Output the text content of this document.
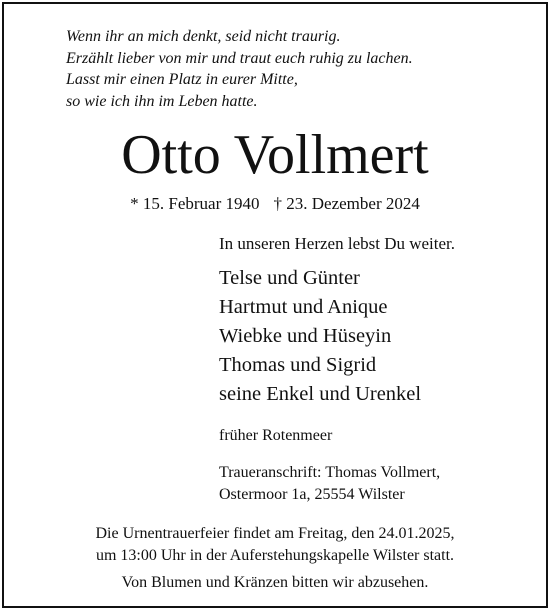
Wenn ihr an mich denkt, seid nicht traurig.
Erzählt lieber von mir und traut euch ruhig zu lachen.
Lasst mir einen Platz in eurer Mitte,
so wie ich ihn im Leben hatte.
Otto Vollmert
* 15. Februar 1940 † 23. Dezember 2024
In unseren Herzen lebst Du weiter.
Telse und Günter
Hartmut und Anique
Wiebke und Hüseyin
Thomas und Sigrid
seine Enkel und Urenkel
früher Rotenmeer
Traueranschrift: Thomas Vollmert,
Ostermoor 1a, 25554 Wilster
Die Urnentrauerfeier findet am Freitag, den 24.01.2025,
um 13:00 Uhr in der Auferstehungskapelle Wilster statt.
Von Blumen und Kränzen bitten wir abzusehen.
